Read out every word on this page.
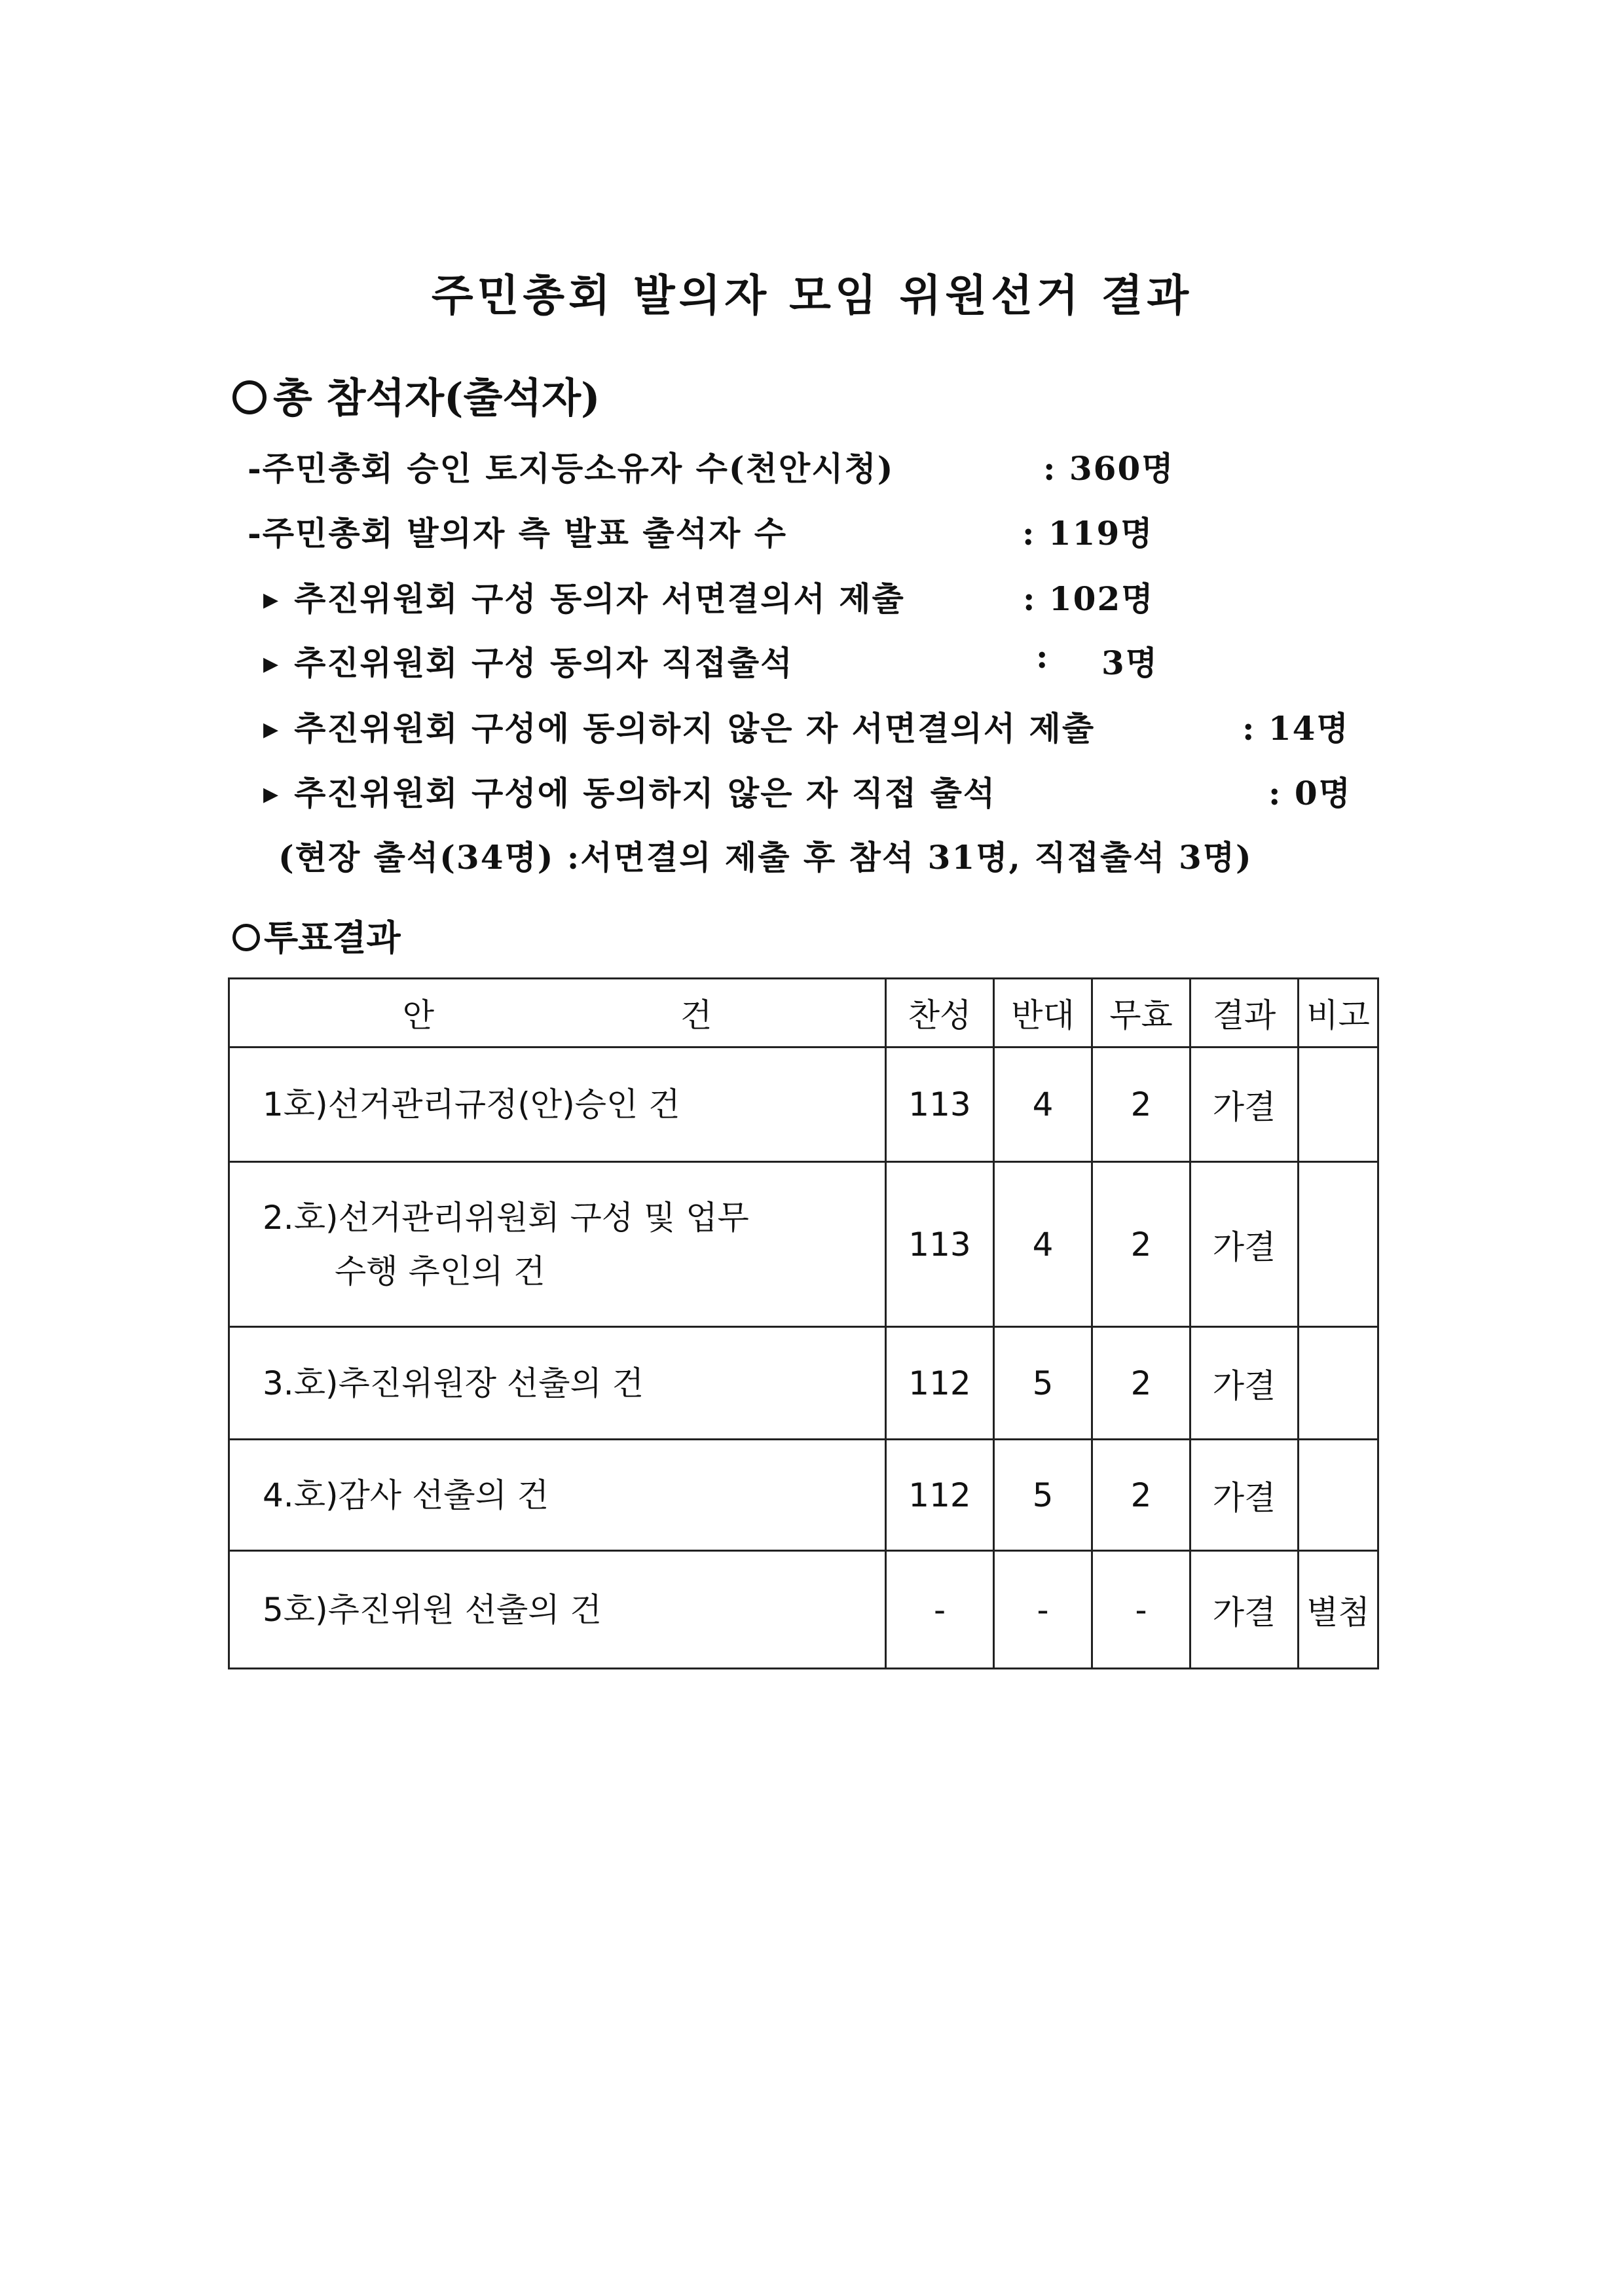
주민총회 발의자 모임 위원선거 결과
총 참석자(출석자)
-주민총회 승인 토지등소유자 수(천안시청)	: 360명
-주민총회 발의자 측 발표 출석자 수	: 119명
▶ 추진위원회 구성 동의자 서면결의서 제출	: 102명
▶ 추진위원회 구성 동의자 직접출석	: 3명
▶ 추진위원회 구성에 동의하지 않은 자 서면결의서 제출	: 14명
▶ 추진위원회 구성에 동의하지 않은 자 직접 출석	: 0명
(현장 출석(34명) :서면결의 제출 후 참석 31명, 직접출석 3명)
투표결과
안 건	찬성	반대	무효	결과	비고
1호)선거관리규정(안)승인 건	113	4	2	가결	
2.호)선거관리위원회 구성 및 업무
수행 추인의 건	113	4	2	가결	
3.호)추진위원장 선출의 건	112	5	2	가결	
4.호)감사 선출의 건	112	5	2	가결	
5호)추진위원 선출의 건	-	-	-	가결	별첨
